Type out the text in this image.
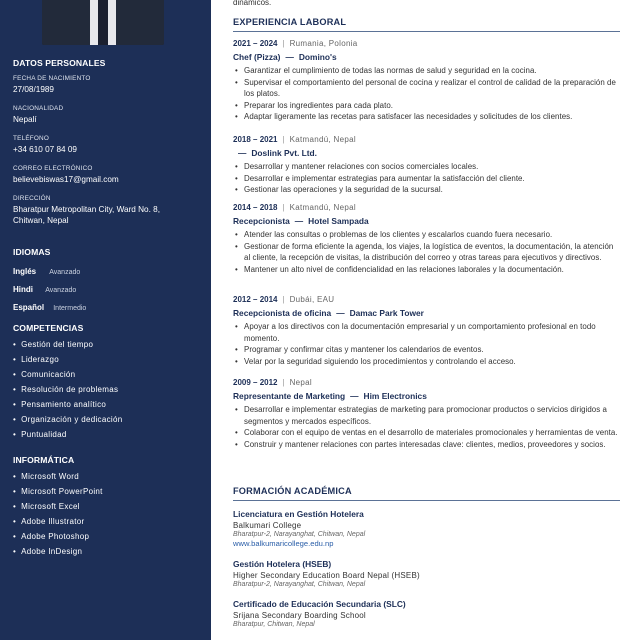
DATOS PERSONALES
FECHA DE NACIMIENTO
27/08/1989
NACIONALIDAD
Nepalí
TELÉFONO
+34 610 07 84 09
CORREO ELECTRÓNICO
believebiswas17@gmail.com
DIRECCIÓN
Bharatpur Metropolitan City, Ward No. 8,
Chitwan, Nepal
IDIOMAS
Inglés Avanzado
Hindi Avanzado
Español Intermedio
COMPETENCIAS
• Gestión del tiempo
• Liderazgo
• Comunicación
• Resolución de problemas
• Pensamiento analítico
• Organización y dedicación
• Puntualidad
INFORMÁTICA
• Microsoft Word
• Microsoft PowerPoint
• Microsoft Excel
• Adobe Illustrator
• Adobe Photoshop
• Adobe InDesign
dinámicos.
EXPERIENCIA LABORAL
2021 – 2024 | Rumania, Polonia
Chef (Pizza) — Domino's
• Garantizar el cumplimiento de todas las normas de salud y seguridad en la cocina.
• Supervisar el comportamiento del personal de cocina y realizar el control de calidad de la preparación de los platos.
• Preparar los ingredientes para cada plato.
• Adaptar ligeramente las recetas para satisfacer las necesidades y solicitudes de los clientes.
2018 – 2021 | Katmandú, Nepal
— Doslink Pvt. Ltd.
• Desarrollar y mantener relaciones con socios comerciales locales.
• Desarrollar e implementar estrategias para aumentar la satisfacción del cliente.
• Gestionar las operaciones y la seguridad de la sucursal.
2014 – 2018 | Katmandú, Nepal
Recepcionista — Hotel Sampada
• Atender las consultas o problemas de los clientes y escalarlos cuando fuera necesario.
• Gestionar de forma eficiente la agenda, los viajes, la logística de eventos, la documentación, la atención al cliente, la recepción de visitas, la distribución del correo y otras tareas para ejecutivos y directivos.
• Mantener un alto nivel de confidencialidad en las relaciones laborales y la documentación.
2012 – 2014 | Dubái, EAU
Recepcionista de oficina — Damac Park Tower
• Apoyar a los directivos con la documentación empresarial y un comportamiento profesional en todo momento.
• Programar y confirmar citas y mantener los calendarios de eventos.
• Velar por la seguridad siguiendo los procedimientos y controlando el acceso.
2009 – 2012 | Nepal
Representante de Marketing — Him Electronics
• Desarrollar e implementar estrategias de marketing para promocionar productos o servicios dirigidos a segmentos y mercados específicos.
• Colaborar con el equipo de ventas en el desarrollo de materiales promocionales y herramientas de venta.
• Construir y mantener relaciones con partes interesadas clave: clientes, medios, proveedores y socios.
FORMACIÓN ACADÉMICA
Licenciatura en Gestión Hotelera
Balkumari College
Bharatpur-2, Narayanghat, Chitwan, Nepal
www.balkumaricollege.edu.np
Gestión Hotelera (HSEB)
Higher Secondary Education Board Nepal (HSEB)
Bharatpur-2, Narayanghat, Chitwan, Nepal
Certificado de Educación Secundaria (SLC)
Srijana Secondary Boarding School
Bharatpur, Chitwan, Nepal
